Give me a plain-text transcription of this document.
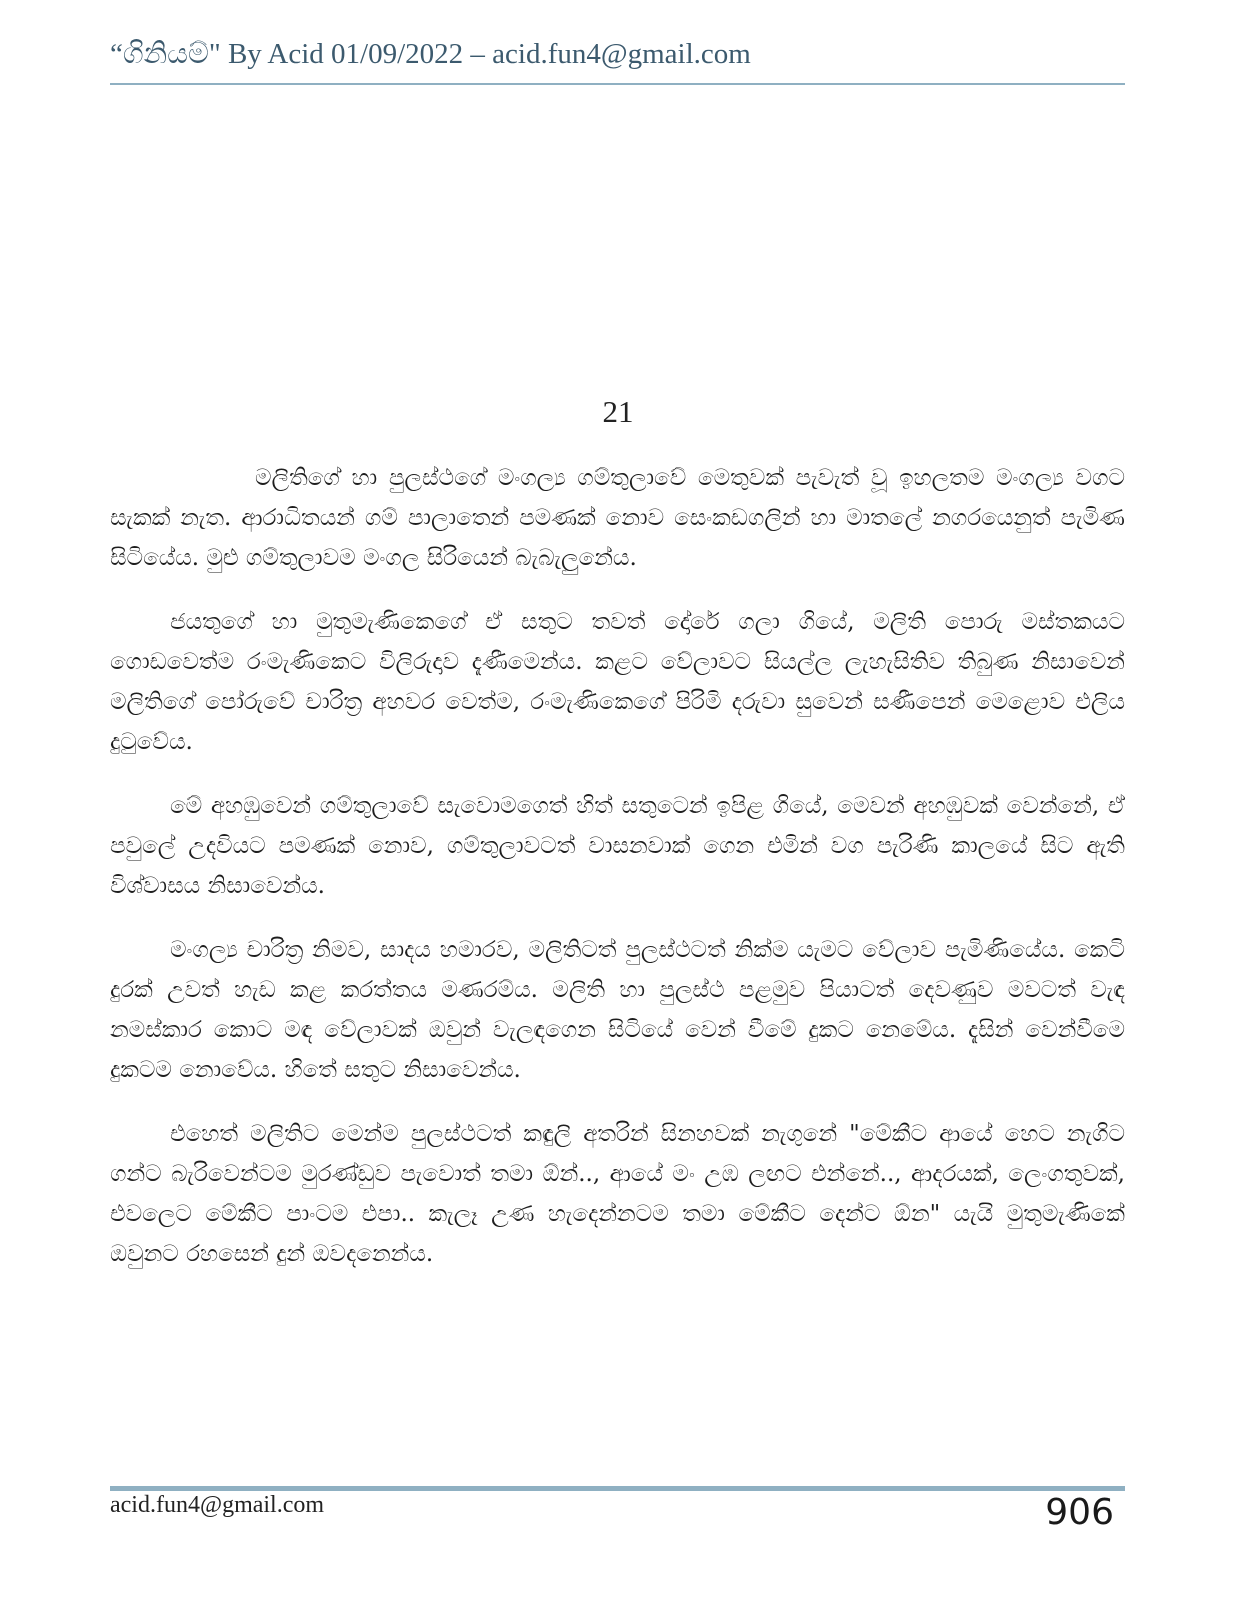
“ගිනියම්" By Acid 01/09/2022 – acid.fun4@gmail.com
21

මලිතිගේ හා පුලස්ථගේ මංගල්‍ය ගම්තුලාවේ මෙතුවක් පැවැත් වූ ඉහලතම මංගල්‍ය වගට සැකක් නැත. ආරාධිතයන් ගම් පාලාතෙන් පමණක් නොව සෙංකඩගලින් හා මාතලේ නගරයෙනුත් පැමිණ සිටියේය. මුළු ගම්තුලාවම මංගල සිරියෙන් බැබැලුනේය.

ජයතුගේ හා මුතුමැණිකෙගේ ඒ සතුට තවත් දෝරේ ගලා ගියේ, මලිති පොරු මස්තකයට ගොඩවෙත්ම රංමැණිකෙට විලිරුදාව දැණීමෙන්ය. කළට වේලාවට සියල්ල ලැහැසිතිව තිබුණ නිසාවෙන් මලිතිගේ පෝරුවේ චාරිත්‍ර අහවර වෙත්ම, රංමැණිකෙගේ පිරිමි දරුවා සුවෙන් සණීපෙන් මෙළොව එලිය දුටුවේය.

මේ අහඹුවෙන් ගම්තුලාවේ සැවොමගෙත් හිත් සතුටෙන් ඉපිළ ගියේ, මෙවන් අහඹුවක් වෙන්නේ, ඒ පවුලේ උදවියට පමණක් නොව, ගම්තුලාවටත් වාසනවාක් ගෙන එමින් වග පැරිණි කාලයේ සිට ඇති විශ්වාසය නිසාවෙන්ය.

මංගල්‍ය චාරිත්‍ර නිමව, සාදය හමාරව, මලිතිටත් පුලස්ථටත් නික්ම යැමට වේලාව පැමිණියේය. කෙටි දුරක් උවත් හැඩ කළ කරත්තය මණරම්ය. මලිති හා පුලස්ථ පළමුව පියාටත් දෙවණුව මවටත් වැඳ නමස්කාර කොට මඳ වේලාවක් ඔවුන් වැලඳගෙන සිටියේ වෙන් වීමේ දුකට නෙමේය. දැසින් වෙන්වීමෙ දුකටම නොවේය. හිතේ සතුට නිසාවෙන්ය.

එහෙත් මලිතිට මෙන්ම පුලස්ථටත් කඳුලි අතරින් සිනහවක් නැගුනේ "මේකීට ආයේ හෙට නැගිට ගන්ට බැරිවෙන්ටම මුරණ්ඩුව පැවොත් තමා ඕන්.., ආයේ මං උඹ ලඟට එන්නේ.., ආදරයක්, ලෙංගතුවක්, එවලෙට මේකීට පාංටම එපා.. කැලෑ උණ හැදෙන්නටම තමා මේකීට දෙන්ට ඕන" යැයි මුතුමැණිකේ ඔවුනට රහසෙන් දුන් ඔවදනෙන්ය.

acid.fun4@gmail.com	906
